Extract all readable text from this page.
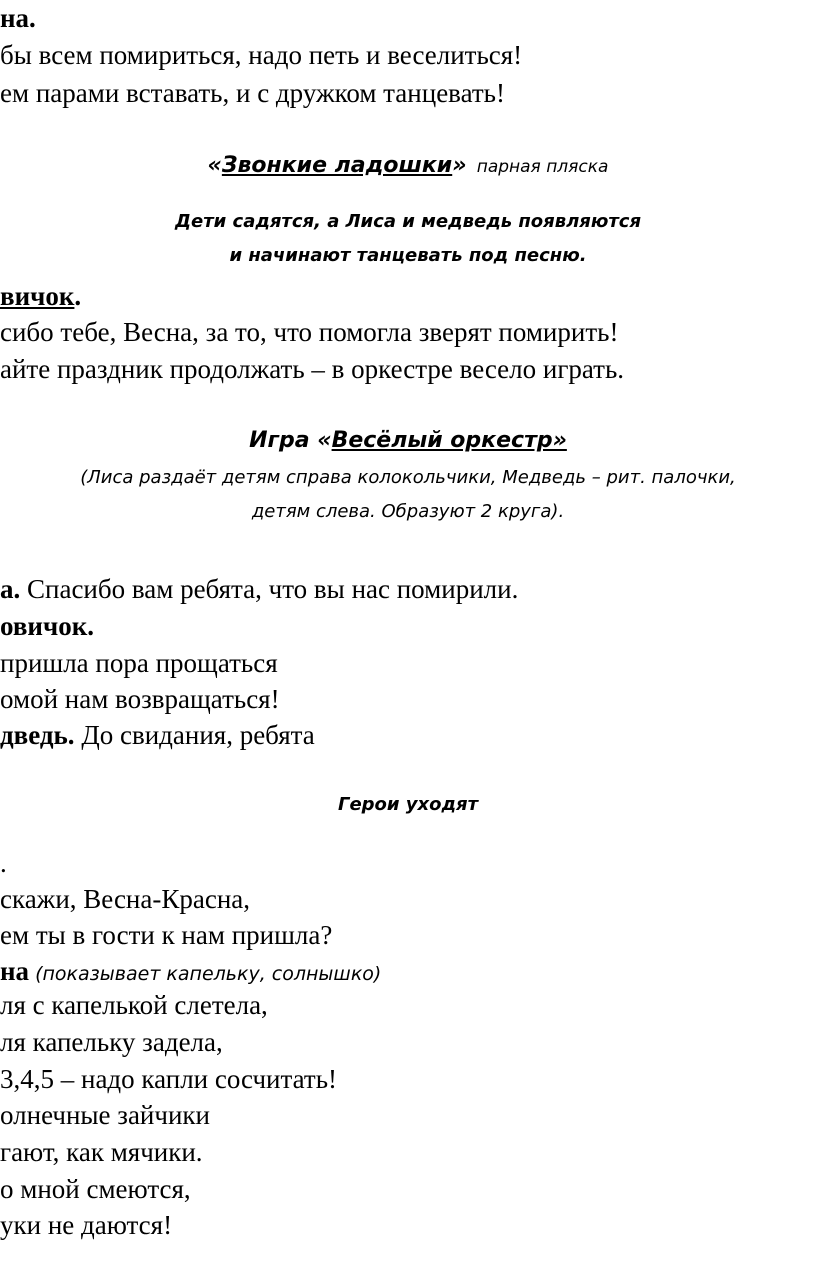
на.
бы всем помириться, надо петь и веселиться!
ем парами вставать, и с дружком танцевать!
«Звонкие ладошки» парная пляска
Дети садятся, а Лиса и медведь появляются
и начинают танцевать под песню.
вичок.
сибо тебе, Весна, за то, что помогла зверят помирить!
айте праздник продолжать – в оркестре весело играть.
Игра «Весёлый оркестр»
(Лиса раздаёт детям справа колокольчики, Медведь – рит. палочки,
детям слева. Образуют 2 круга).
а. Спасибо вам ребята, что вы нас помирили.
овичок.
пришла пора прощаться
омой нам возвращаться!
дведь. До свидания, ребята
Герои уходят
.
скажи, Весна-Красна,
ем ты в гости к нам пришла?
на (показывает капельку, солнышко)
ля с капелькой слетела,
ля капельку задела,
3,4,5 – надо капли сосчитать!
олнечные зайчики
гают, как мячики.
о мной смеются,
уки не даются!
